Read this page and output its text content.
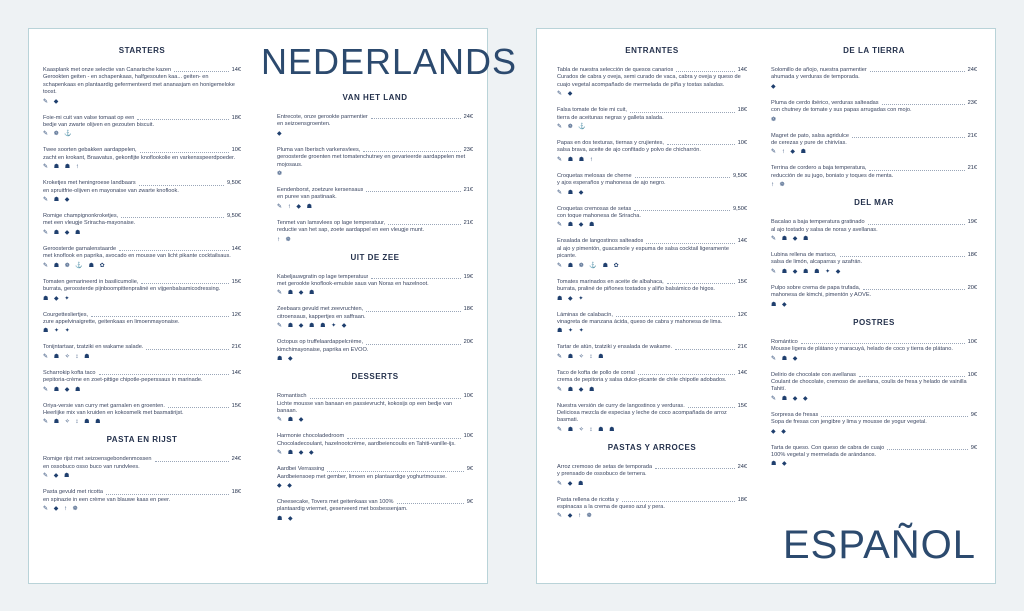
STARTERS
Kaasplank met onze selectie van Canarische kazen	14€
Gerookten geiten - en schapenkaas, halfgesouten kaa... geiten- en schapenkaas en plantaardig gefermenteerd met ananasjam en honigemeloke toost.
✎ ◆
Foie-mi cuit van valse tomaat op een	18€
bedje van zwarte olijven en gezouten biscuit.
✎ ❁ ⚓
Twee soorten gebakken aardappelen,	10€
zacht en krokant, Braavatus, gekonfijte knoflookolie en varkensspeerdpoeder.
✎ ☗ ☗ ↑
Kroketjes met heningroese landbaars	9,50€
en spruitfrie-olijven en mayonaise van zwarte knoflook.
✎ ☗ ◆
Romige champignonkroketjes,	9,50€
met een vleugje Sriracha-mayonaise.
✎ ☗ ◆ ☗
Geroosterde garnalenstaarde	14€
met knoflook en paprika, avocado en mousse van licht pikante cocktailsaus.
✎ ☗ ❁ ⚓ ☗ ✿
Tomaten gemarineerd in basilicumolie,	15€
burrata, geroosterde pijnboompittenpraliné en vijgenbalsamicodressing.
☗ ◆ ✦
Courgettesliertjes,	12€
zure appelvinaigrette, geitenkaas en limoenmayonaise.
☗ ✦ ✦
Tonijntartaar, tzatziki en wakame salade.	21€
✎ ☗ ✧ ↕ ☗
Scharrokip kofta taco	14€
pepitoria-crème en zoet-pittige chipotle-peperssaus in marinade.
✎ ☗ ◆ ☗
Oriya-versie van curry met garnalen en groenten.	15€
Heerlijke mix van kruiden en kokosmelk met basmatirijst.
✎ ☗ ✧ ↕ ☗ ☗
PASTA EN RIJST
Romige rijst met seizoensgebondenmossen	24€
en ossobuco osso buco van rundvlees.
✎ ◆ ☗
Pasta gevuld met ricotta	18€
en spinazie in een crème van blauwe kaas en peer.
✎ ◆ ↑ ❁
NEDERLANDS
VAN HET LAND
Entrecote, onze gerookte parmentier	24€
en seizoensgroenten.
◆
Pluma van Iberisch varkensvlees,	23€
geroosterde groenten met tomatenchutney en gevarieerde aardappelen met mojosaus.
❁
Eendenborst, zoetzure kersensaus	21€
en puree van pastinaak.
✎ ↑ ◆ ☗
Tenmet van lamsvlees op lage temperatuur,	21€
reductie van het sap, zoete aardappel en een vleugje munt.
↑ ❁
UIT DE ZEE
Kabeljauwgratin op lage temperatuur	19€
met gerookte knoflook-emulsie saus van Noras en hazelnoot.
✎ ☗ ◆ ☗
Zeebaars gevuld met zeevruchten,	18€
citroensaus, kappertjes en saffraan.
✎ ☗ ◆ ☗ ☗ ✦ ◆
Octopus op truffelaardappelcrème,	20€
kimchimayonaise, paprika en EVOO.
☗ ◆
DESSERTS
Romantisch	10€
Lichte mousse van banaan en passievrucht, kokosijs op een bedje van banaan.
✎ ☗ ◆
Harmonie chocoladedroom	10€
Chocoladecoulant, hazelnootcrème, aardbeiencoulis en Tahiti-vanille-ijs.
✎ ☗ ◆ ◆
Aardbei Verrassing	9€
Aardbeiensoep met gember, limoen en plantaardige yoghurtmousse.
◆ ◆
Cheesecake, Tovers met geitenkaas van 100%	9€
plantaardig vriermet, geserveerd met bosbessenjam.
☗ ◆
ENTRANTES
Tabla de nuestra selección de quesos canarios	14€
Curados de cabra y oveja, semi curado de vaca, cabra y oveja y queso de cuajo vegetal acompañado de mermelada de piña y tostas saladas.
✎ ◆
Falsa tomate de foie mi cuit,	18€
tierra de aceitunas negras y galleta salada.
✎ ❁ ⚓
Papas en dos texturas, tiernas y crujientes,	10€
salsa brava, aceite de ajo confitado y polvo de chicharrón.
✎ ☗ ☗ ↑
Croquetas melosas de cherne	9,50€
y ajos esperaños y mahonesa de ajo negro.
✎ ☗ ◆
Croquetas cremosas de setas	9,50€
con toque mahonesa de Sriracha.
✎ ☗ ◆ ☗
Ensalada de langostinos salteados	14€
al ajo y pimentón, guacamole y espuma de salsa cocktail ligeramente picante.
✎ ☗ ❁ ⚓ ☗ ✿
Tomates marinados en aceite de albahaca,	15€
burrata, praliné de piñones tostados y aliño balsámico de higos.
☗ ◆ ✦
Láminas de calabacín,	12€
vinagreta de manzana ácida, queso de cabra y mahonesa de lima.
☗ ✦ ✦
Tartar de atún, tzatziki y ensalada de wakame.	21€
✎ ☗ ✧ ↕ ☗
Taco de kofta de pollo de corral	14€
crema de pepitoria y salsa dulce-picante de chile chipotle adobados.
✎ ☗ ◆ ☗
Nuestra versión de curry de langostinos y verduras.	15€
Deliciosa mezcla de especias y leche de coco acompañada de arroz basmati.
✎ ☗ ✧ ↕ ☗ ☗
PASTAS Y ARROCES
Arroz cremoso de setas de temporada	24€
y prensado de ossobuco de ternera.
✎ ◆ ☗
Pasta rellena de ricotta y	18€
espinacas a la crema de queso azul y pera.
✎ ◆ ↑ ❁
DE LA TIERRA
Solomillo de añojo, nuestra parmentier	24€
ahumada y verduras de temporada.
◆
Pluma de cerdo ibérico, verduras salteadas	23€
con chutney de tomate y sus papas arrugadas con mojo.
❁
Magret de pato, salsa agridulce	21€
de cerezas y pure de chirivías.
✎ ↑ ◆ ☗
Terrina de cordero a baja temperatura,	21€
reducción de su jugo, boniato y toques de menta.
↑ ❁
DEL MAR
Bacalao a baja temperatura gratinado	19€
al ajo tostado y salsa de noras y avellanas.
✎ ☗ ◆ ☗
Lubina rellena de marisco,	18€
salsa de limón, alcaparras y azafrán.
✎ ☗ ◆ ☗ ☗ ✦ ◆
Pulpo sobre crema de papa trufada,	20€
mahonesa de kimchi, pimentón y AOVE.
☗ ◆
POSTRES
Romántico	10€
Mousse ligera de plátano y maracuyá, helado de coco y tierra de plátano.
✎ ☗ ◆
Delirio de chocolate con avellanas	10€
Coulant de chocolate, cremoso de avellana, coulis de fresa y helado de vainilla Tahití.
✎ ☗ ◆ ◆
Sorpresa de fresas	9€
Sopa de fresas con jengibre y lima y mousse de yogur vegetal.
◆ ◆
Tarta de queso. Con queso de cabra de cuajo	9€
100% vegetal y mermelada de arándanos.
☗ ◆
ESPAÑOL
